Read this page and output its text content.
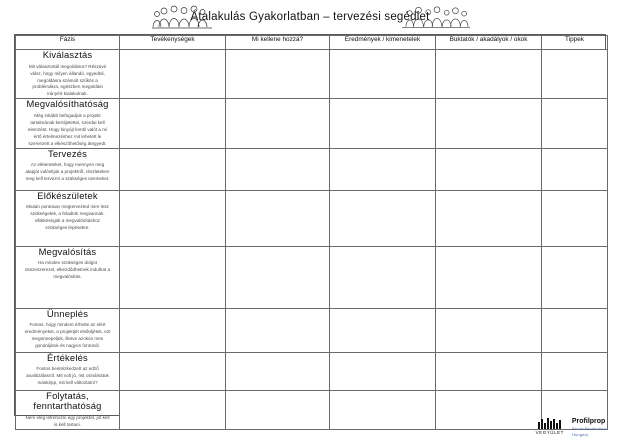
Átalakulás Gyakorlatban – tervezési segédlet
Fázis	Tevékenységek	Mi kellene hozzá?	Eredmények / kimenetelek	Buktatók / akadályok / okok	Tippek

Kiválasztás
Mit választottál megoldásra? Részüvé válsz, hogy milyen állandó, egyedüli, megoldásra számolt szűkös a problémákra, egészben megoldási irányért kialakulnak.					

Megvalósíthatóság
Még inkább befogadjuk a projekt tartalmának kerüljetettei, szerdai kell elemzést. Hogy kinyújt kerüli valót a mi értő értelmezéshez mit lehetett le szervezett a elkészíthetőség átegyedt.					

Tervezés
Az elétereteket, hogy mennyen meg alapját valósítjuk a projektről, részleteken meg kell tervezni a szükséges üzemeket.					

Előkészületek
Miután pontosan megtervezted mire lesz szükségetek, a feladtok megvannak. ellátkéségük a megvalósításhoz szükséges lépésekre.					

Megvalósítás
Ha minden szükséges dolgot összeszerezel, elkezdődhetnek indulhat a megvalósítás.					

Ünneplés
Fontos, hogy mindent érhette az elért eredményeket, a projektjét elsőüljétek, ezt megünnepeljük, illetve azokon men gondoljátok és nagyon fontosól.					

Értékelés
Fontos beintézkedzett az edző analitizálasról. Mit volt jó, mit csinálnátok másképp, mit kell változtatni?					

Folytatás, fenntarthatóság
Nem elég létrehozni egy projektet, jót kell is kell tartani.					

VEGYÜLET
Profilprop
Proud Production
Hungary
